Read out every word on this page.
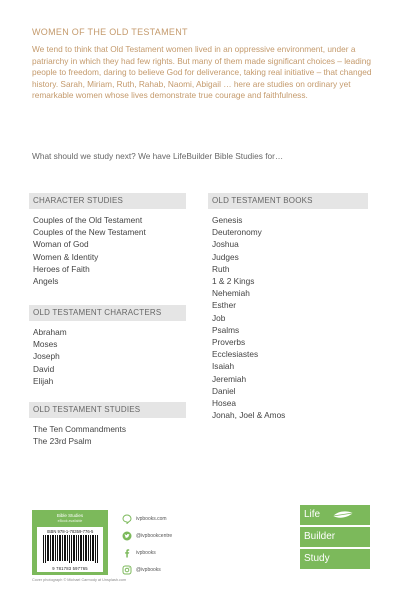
WOMEN OF THE OLD TESTAMENT
We tend to think that Old Testament women lived in an oppressive environment, under a patriarchy in which they had few rights. But many of them made significant choices – leading people to freedom, daring to believe God for deliverance, taking real initiative – that changed history. Sarah, Miriam, Ruth, Rahab, Naomi, Abigail … here are studies on ordinary yet remarkable women whose lives demonstrate true courage and faithfulness.
What should we study next? We have LifeBuilder Bible Studies for…
CHARACTER STUDIES
Couples of the Old Testament
Couples of the New Testament
Woman of God
Women & Identity
Heroes of Faith
Angels
OLD TESTAMENT CHARACTERS
Abraham
Moses
Joseph
David
Elijah
OLD TESTAMENT STUDIES
The Ten Commandments
The 23rd Psalm
OLD TESTAMENT BOOKS
Genesis
Deuteronomy
Joshua
Judges
Ruth
1 & 2 Kings
Nehemiah
Esther
Job
Psalms
Proverbs
Ecclesiastes
Isaiah
Jeremiah
Daniel
Hosea
Jonah, Joel & Amos
Bible Studies
eBook available
ISBN 978-1-78359-776-5
9 781783 597765
ivpbooks.com
@ivpbookcentre
ivpbooks
@ivpbooks
Cover photograph © Michael Carmody at Unsplash.com
Life
Builder
Study
